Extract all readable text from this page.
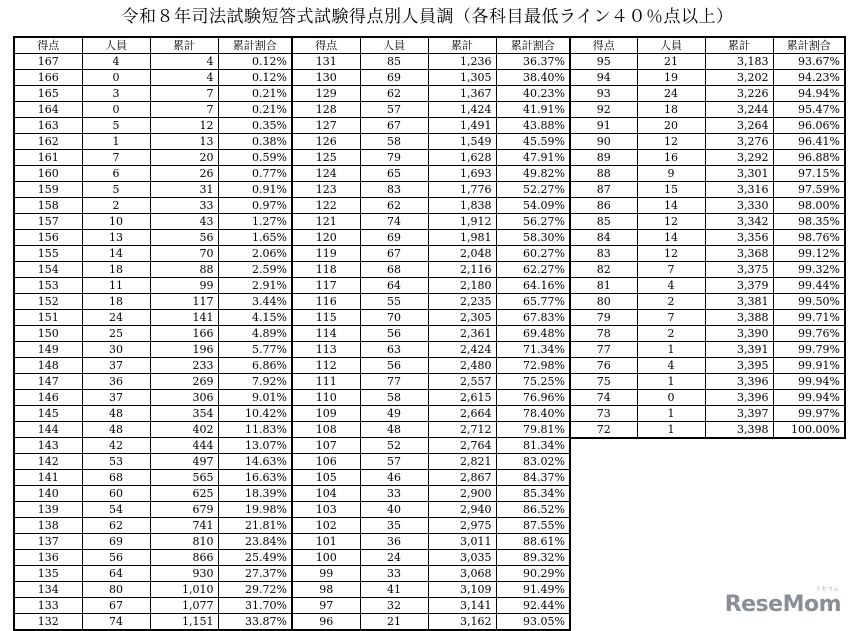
令和８年司法試験短答式試験得点別人員調（各科目最低ライン４０％点以上）
得点	人員	累計	累計割合
167	4	4	0.12%
166	0	4	0.12%
165	3	7	0.21%
164	0	7	0.21%
163	5	12	0.35%
162	1	13	0.38%
161	7	20	0.59%
160	6	26	0.77%
159	5	31	0.91%
158	2	33	0.97%
157	10	43	1.27%
156	13	56	1.65%
155	14	70	2.06%
154	18	88	2.59%
153	11	99	2.91%
152	18	117	3.44%
151	24	141	4.15%
150	25	166	4.89%
149	30	196	5.77%
148	37	233	6.86%
147	36	269	7.92%
146	37	306	9.01%
145	48	354	10.42%
144	48	402	11.83%
143	42	444	13.07%
142	53	497	14.63%
141	68	565	16.63%
140	60	625	18.39%
139	54	679	19.98%
138	62	741	21.81%
137	69	810	23.84%
136	56	866	25.49%
135	64	930	27.37%
134	80	1,010	29.72%
133	67	1,077	31.70%
132	74	1,151	33.87%
得点	人員	累計	累計割合
131	85	1,236	36.37%
130	69	1,305	38.40%
129	62	1,367	40.23%
128	57	1,424	41.91%
127	67	1,491	43.88%
126	58	1,549	45.59%
125	79	1,628	47.91%
124	65	1,693	49.82%
123	83	1,776	52.27%
122	62	1,838	54.09%
121	74	1,912	56.27%
120	69	1,981	58.30%
119	67	2,048	60.27%
118	68	2,116	62.27%
117	64	2,180	64.16%
116	55	2,235	65.77%
115	70	2,305	67.83%
114	56	2,361	69.48%
113	63	2,424	71.34%
112	56	2,480	72.98%
111	77	2,557	75.25%
110	58	2,615	76.96%
109	49	2,664	78.40%
108	48	2,712	79.81%
107	52	2,764	81.34%
106	57	2,821	83.02%
105	46	2,867	84.37%
104	33	2,900	85.34%
103	40	2,940	86.52%
102	35	2,975	87.55%
101	36	3,011	88.61%
100	24	3,035	89.32%
99	33	3,068	90.29%
98	41	3,109	91.49%
97	32	3,141	92.44%
96	21	3,162	93.05%
得点	人員	累計	累計割合
95	21	3,183	93.67%
94	19	3,202	94.23%
93	24	3,226	94.94%
92	18	3,244	95.47%
91	20	3,264	96.06%
90	12	3,276	96.41%
89	16	3,292	96.88%
88	9	3,301	97.15%
87	15	3,316	97.59%
86	14	3,330	98.00%
85	12	3,342	98.35%
84	14	3,356	98.76%
83	12	3,368	99.12%
82	7	3,375	99.32%
81	4	3,379	99.44%
80	2	3,381	99.50%
79	7	3,388	99.71%
78	2	3,390	99.76%
77	1	3,391	99.79%
76	4	3,395	99.91%
75	1	3,396	99.94%
74	0	3,396	99.94%
73	1	3,397	99.97%
72	1	3,398	100.00%
リセマム
ReseMom
